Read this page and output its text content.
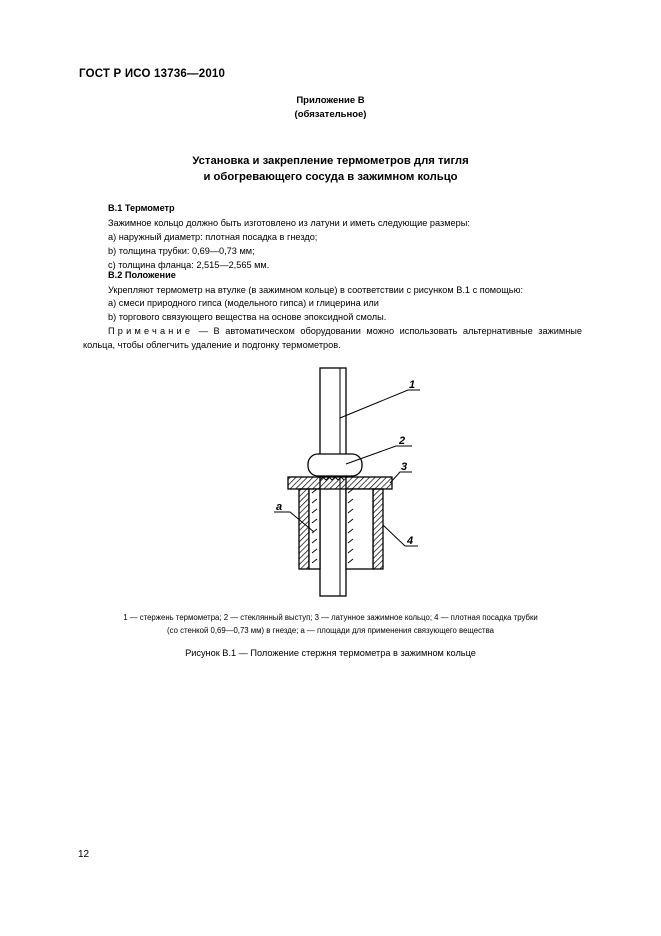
ГОСТ Р ИСО 13736—2010
Приложение В
(обязательное)
Установка и закрепление термометров для тигля
и обогревающего сосуда в зажимном кольцо
В.1 Термометр
Зажимное кольцо должно быть изготовлено из латуни и иметь следующие размеры:
а) наружный диаметр: плотная посадка в гнездо;
b) толщина трубки: 0,69—0,73 мм;
с) толщина фланца: 2,515—2,565 мм.
В.2 Положение
Укрепляют термометр на втулке (в зажимном кольце) в соответствии с рисунком В.1 с помощью:
а) смеси природного гипса (модельного гипса) и глицерина или
b) торгового связующего вещества на основе эпоксидной смолы.
Примечание — В автоматическом оборудовании можно использовать альтернативные зажимные кольца, чтобы облегчить удаление и подгонку термометров.
1
2
3
4
а
1 — стержень термометра; 2 — стеклянный выступ; 3 — латунное зажимное кольцо; 4 — плотная посадка трубки
(со стенкой 0,69—0,73 мм) в гнезде; а — площади для применения связующего вещества
Рисунок В.1 — Положение стержня термометра в зажимном кольце
12
